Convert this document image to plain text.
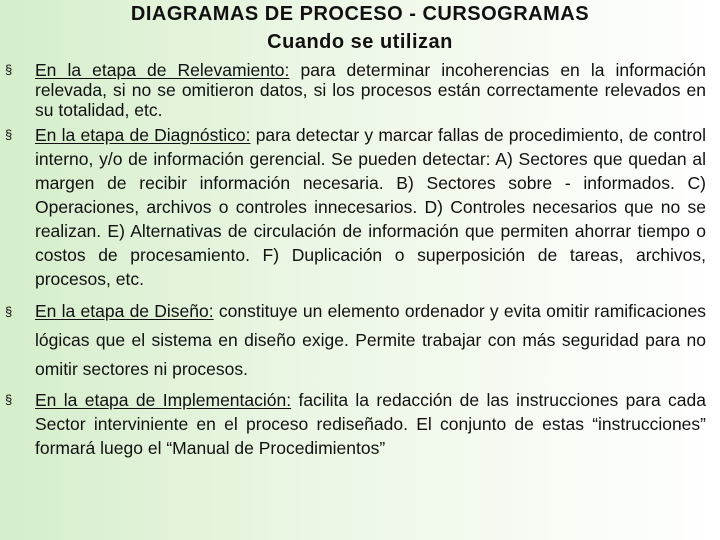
DIAGRAMAS DE PROCESO - CURSOGRAMAS
Cuando se utilizan
§ En la etapa de Relevamiento: para determinar incoherencias en la información relevada, si no se omitieron datos, si los procesos están correctamente relevados en su totalidad, etc.
§ En la etapa de Diagnóstico: para detectar y marcar fallas de procedimiento, de control interno, y/o de información gerencial. Se pueden detectar: A) Sectores que quedan al margen de recibir información necesaria. B) Sectores sobre - informados. C) Operaciones, archivos o controles innecesarios. D) Controles necesarios que no se realizan. E) Alternativas de circulación de información que permiten ahorrar tiempo o costos de procesamiento. F) Duplicación o superposición de tareas, archivos, procesos, etc.
§ En la etapa de Diseño: constituye un elemento ordenador y evita omitir ramificaciones lógicas que el sistema en diseño exige. Permite trabajar con más seguridad para no omitir sectores ni procesos.
§ En la etapa de Implementación: facilita la redacción de las instrucciones para cada Sector interviniente en el proceso rediseñado. El conjunto de estas “instrucciones” formará luego el “Manual de Procedimientos”
